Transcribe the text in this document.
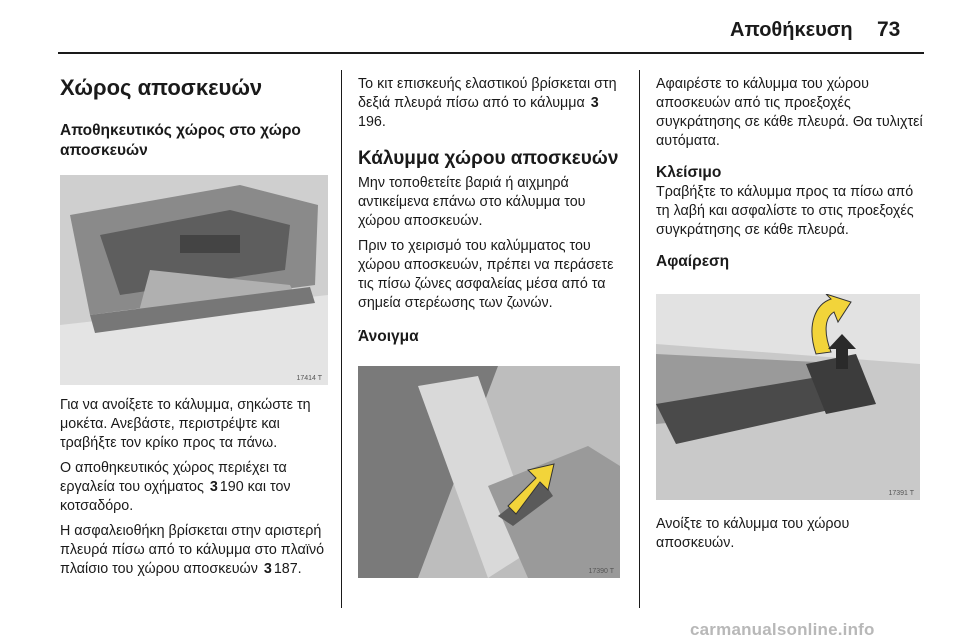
Αποθήκευση 73
Χώρος αποσκευών
Αποθηκευτικός χώρος στο χώρο αποσκευών
17414 T

Για να ανοίξετε το κάλυμμα, σηκώστε τη μοκέτα. Ανεβάστε, περιστρέψτε και τραβήξτε τον κρίκο προς τα πάνω.

Ο αποθηκευτικός χώρος περιέχει τα εργαλεία του οχήματος 3 190 και τον κοτσαδόρο.

Η ασφαλειοθήκη βρίσκεται στην αριστερή πλευρά πίσω από το κάλυμμα στο πλαϊνό πλαίσιο του χώρου αποσκευών 3 187.

Το κιτ επισκευής ελαστικού βρίσκεται στη δεξιά πλευρά πίσω από το κάλυμμα 3196.

Κάλυμμα χώρου αποσκευών

Μην τοποθετείτε βαριά ή αιχμηρά αντικείμενα επάνω στο κάλυμμα του χώρου αποσκευών.

Πριν το χειρισμό του καλύμματος του χώρου αποσκευών, πρέπει να περάσετε τις πίσω ζώνες ασφαλείας μέσα από τα σημεία στερέωσης των ζωνών.

Άνοιγμα
17390 T

Αφαιρέστε το κάλυμμα του χώρου αποσκευών από τις προεξοχές συγκράτησης σε κάθε πλευρά. Θα τυλιχτεί αυτόματα.

Κλείσιμο

Τραβήξτε το κάλυμμα προς τα πίσω από τη λαβή και ασφαλίστε το στις προεξοχές συγκράτησης σε κάθε πλευρά.

Αφαίρεση
17391 T

Ανοίξτε το κάλυμμα του χώρου αποσκευών.

carmanualsonline.info
